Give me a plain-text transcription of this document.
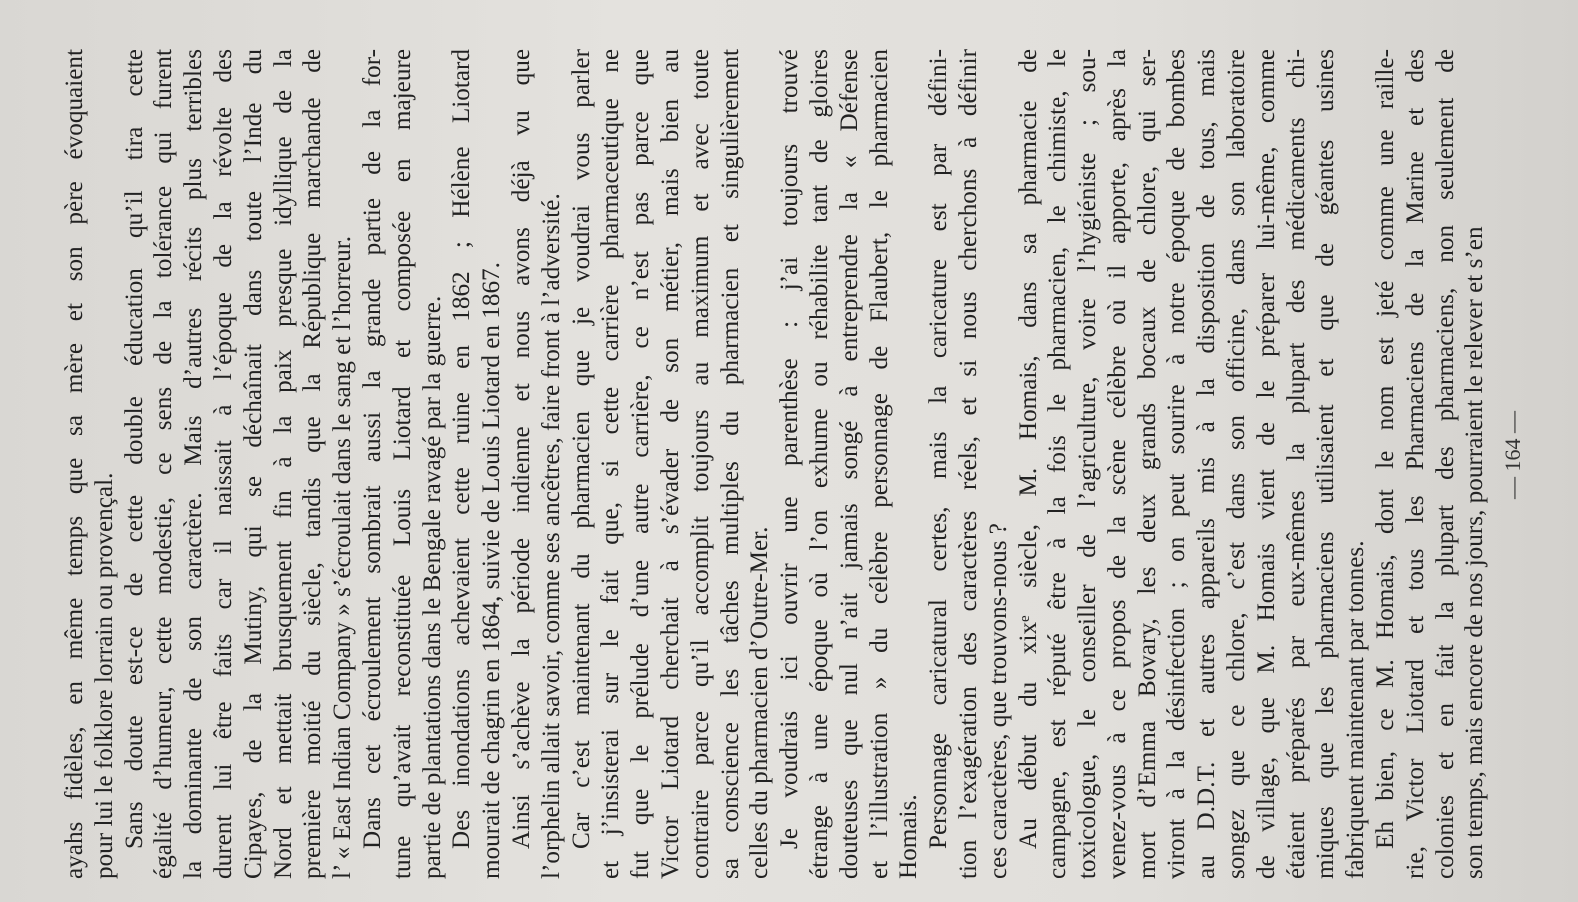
ayahs fidèles, en même temps que sa mère et son père évoquaient pour lui le folklore lorrain ou provençal. Sans doute est-ce de cette double éducation qu’il tira cette égalité d’humeur, cette modestie, ce sens de la tolérance qui furent la dominante de son caractère. Mais d’autres récits plus terribles durent lui être faits car il naissait à l’époque de la révolte des Cipayes, de la Mutiny, qui se déchaînait dans toute l’Inde du Nord et mettait brusquement fin à la paix presque idyllique de la première moitié du siècle, tandis que la République marchande de l’ « East Indian Company » s’écroulait dans le sang et l’horreur. Dans cet écroulement sombrait aussi la grande partie de la for- tune qu’avait reconstituée Louis Liotard et composée en majeure partie de plantations dans le Bengale ravagé par la guerre. Des inondations achevaient cette ruine en 1862 ; Hélène Liotard mourait de chagrin en 1864, suivie de Louis Liotard en 1867. Ainsi s’achève la période indienne et nous avons déjà vu que l’orphelin allait savoir, comme ses ancêtres, faire front à l’adversité. Car c’est maintenant du pharmacien que je voudrai vous parler et j’insisterai sur le fait que, si cette carrière pharmaceutique ne fut que le prélude d’une autre carrière, ce n’est pas parce que Victor Liotard cherchait à s’évader de son métier, mais bien au contraire parce qu’il accomplit toujours au maximum et avec toute sa conscience les tâches multiples du pharmacien et singulièrement celles du pharmacien d’Outre-Mer. Je voudrais ici ouvrir une parenthèse : j’ai toujours trouvé étrange à une époque où l’on exhume ou réhabilite tant de gloires douteuses que nul n’ait jamais songé à entreprendre la « Défense et l’illustration » du célèbre personnage de Flaubert, le pharmacien Homais. Personnage caricatural certes, mais la caricature est par défini- tion l’exagération des caractères réels, et si nous cherchons à définir ces caractères, que trouvons-nous ? Au début du xixᵉ siècle, M. Homais, dans sa pharmacie de campagne, est réputé être à la fois le pharmacien, le chimiste, le toxicologue, le conseiller de l’agriculture, voire l’hygiéniste ; sou- venez-vous à ce propos de la scène célèbre où il apporte, après la mort d’Emma Bovary, les deux grands bocaux de chlore, qui ser- viront à la désinfection ; on peut sourire à notre époque de bombes au D.D.T. et autres appareils mis à la disposition de tous, mais songez que ce chlore, c’est dans son officine, dans son laboratoire de village, que M. Homais vient de le préparer lui-même, comme étaient préparés par eux-mêmes la plupart des médicaments chi- miques que les pharmaciens utilisaient et que de géantes usines fabriquent maintenant par tonnes. Eh bien, ce M. Homais, dont le nom est jeté comme une raille- rie, Victor Liotard et tous les Pharmaciens de la Marine et des colonies et en fait la plupart des pharmaciens, non seulement de son temps, mais encore de nos jours, pourraient le relever et s’en — 164 —
